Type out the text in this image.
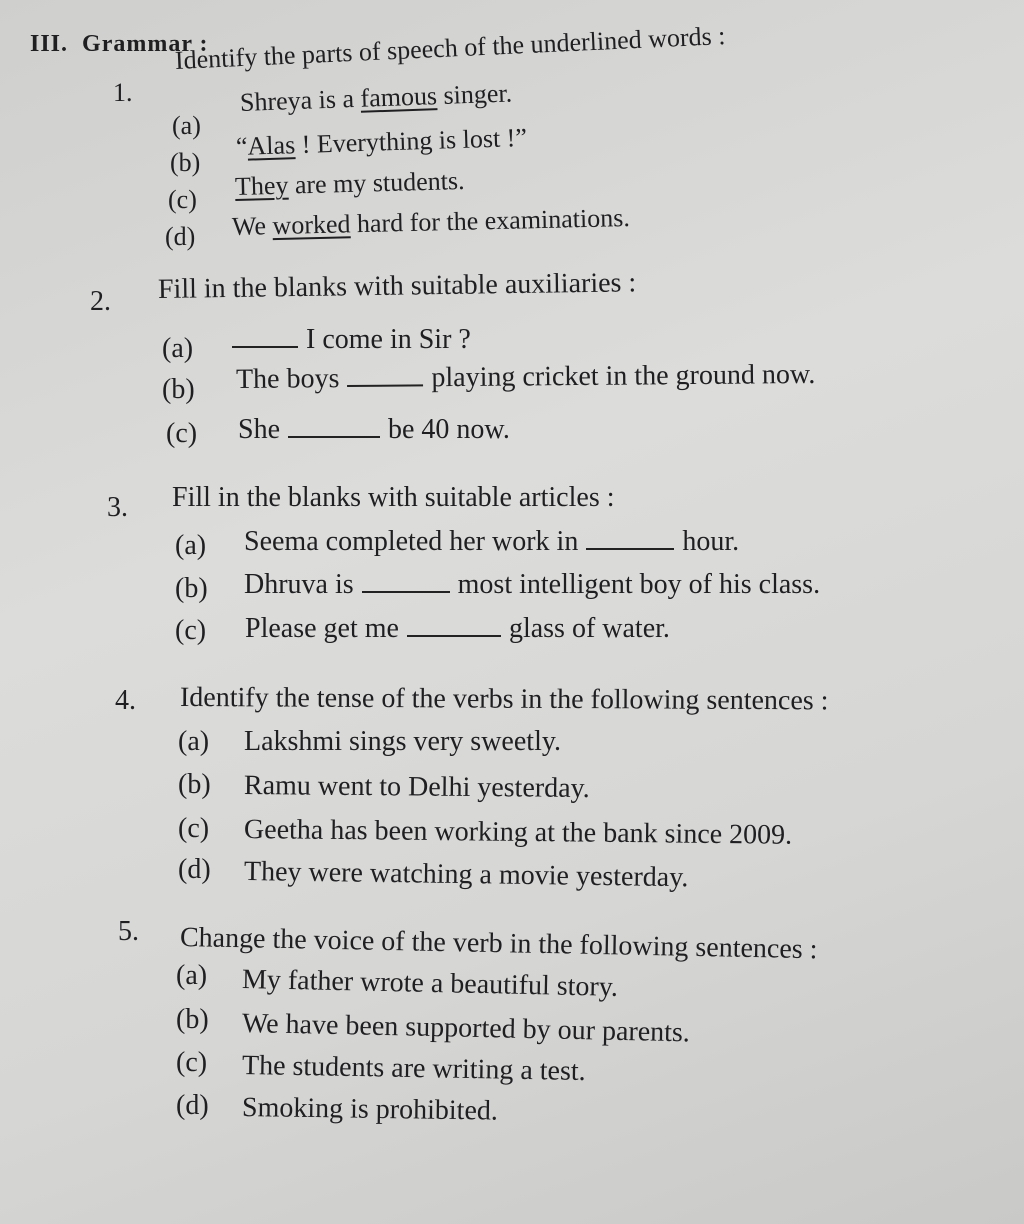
III. Grammar :
1.
Identify the parts of speech of the underlined words :
(a)
Shreya is a famous singer.
(b)
“Alas ! Everything is lost !”
(c) They are my students.
(d) We worked hard for the examinations.
2. Fill in the blanks with suitable auxiliaries :
(a)	I come in Sir ?
(b) The boys	playing cricket in the ground now.
(c) She	be 40 now.
3. Fill in the blanks with suitable articles :
(a) Seema completed her work in	hour.
(b) Dhruva is	most intelligent boy of his class.
(c) Please get me	glass of water.
4. Identify the tense of the verbs in the following sentences :
(a) Lakshmi sings very sweetly.
(b) Ramu went to Delhi yesterday.
(c) Geetha has been working at the bank since 2009.
(d) They were watching a movie yesterday.
5. Change the voice of the verb in the following sentences :
(a) My father wrote a beautiful story.
(b) We have been supported by our parents.
(c) The students are writing a test.
(d) Smoking is prohibited.
